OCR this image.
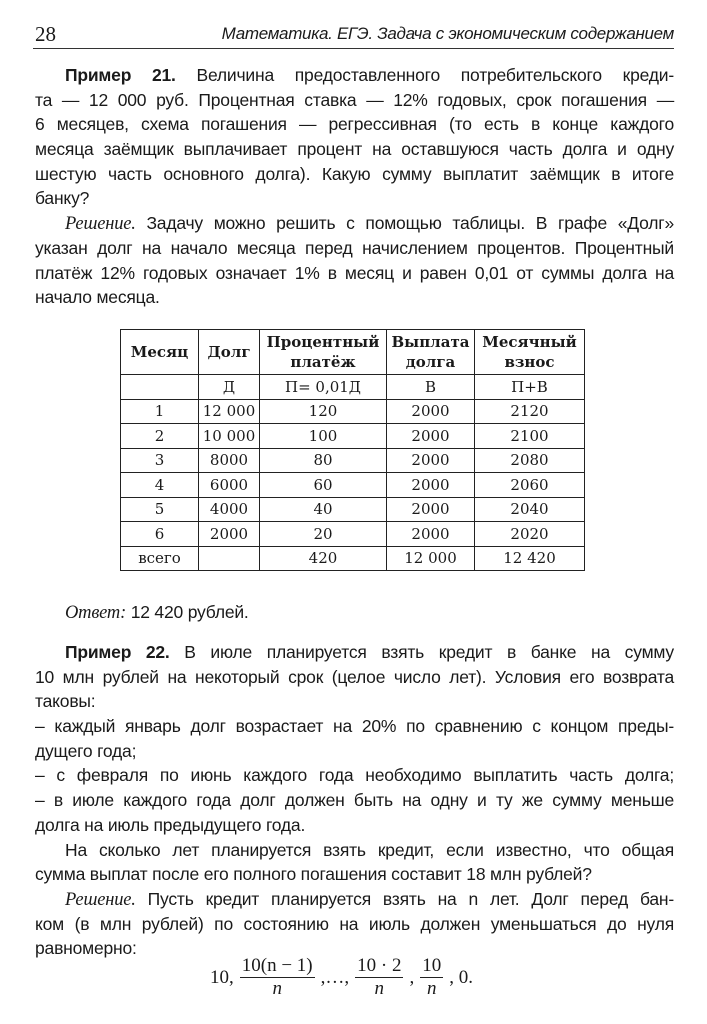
28	Математика. ЕГЭ. Задача с экономическим содержанием
Пример 21. Величина предоставленного потребительского креди-
та — 12 000 руб. Процентная ставка — 12% годовых, срок погашения —
6 месяцев, схема погашения — регрессивная (то есть в конце каждого
месяца заёмщик выплачивает процент на оставшуюся часть долга и одну
шестую часть основного долга). Какую сумму выплатит заёмщик в итоге
банку?
Решение. Задачу можно решить с помощью таблицы. В графе «Долг»
указан долг на начало месяца перед начислением процентов. Процентный
платёж 12% годовых означает 1% в месяц и равен 0,01 от суммы долга на
начало месяца.
Месяц	Долг	Процентный платёж	Выплата долга	Месячный взнос
	Д	П= 0,01Д	В	П+В
1	12 000	120	2000	2120
2	10 000	100	2000	2100
3	8000	80	2000	2080
4	6000	60	2000	2060
5	4000	40	2000	2040
6	2000	20	2000	2020
всего		420	12 000	12 420
Ответ: 12 420 рублей.
Пример 22. В июле планируется взять кредит в банке на сумму
10 млн рублей на некоторый срок (целое число лет). Условия его возврата
таковы:
– каждый январь долг возрастает на 20% по сравнению с концом преды-
дущего года;
– с февраля по июнь каждого года необходимо выплатить часть долга;
– в июле каждого года долг должен быть на одну и ту же сумму меньше
долга на июль предыдущего года.
На сколько лет планируется взять кредит, если известно, что общая
сумма выплат после его полного погашения составит 18 млн рублей?
Решение. Пусть кредит планируется взять на n лет. Долг перед бан-
ком (в млн рублей) по состоянию на июль должен уменьшаться до нуля
равномерно:
10, $\frac{10(n - 1)}{n}$ ,…, $\frac{10 \cdot 2}{n}$ , $\frac{10}{n}$ , 0.
